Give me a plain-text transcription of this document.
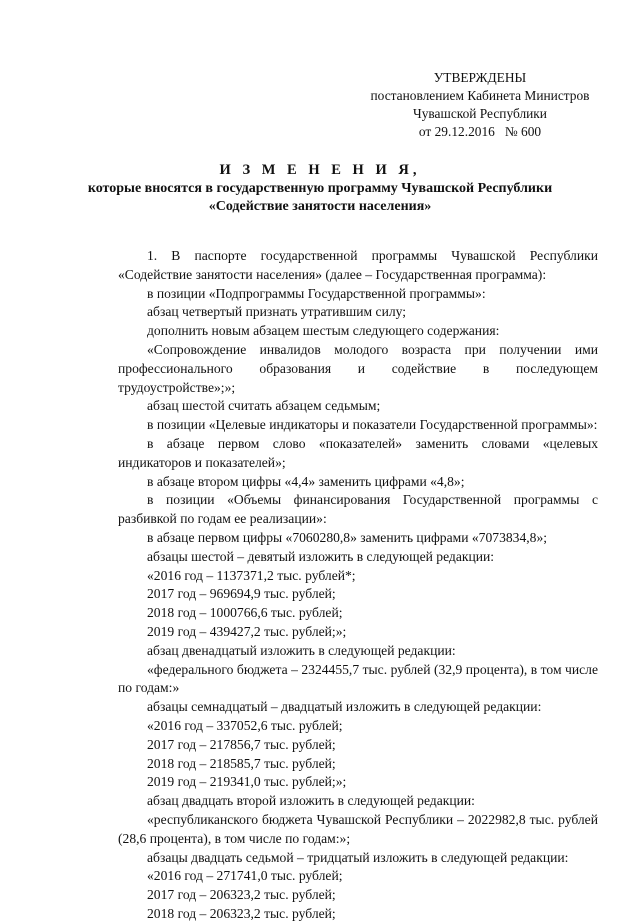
УТВЕРЖДЕНЫ
постановлением Кабинета Министров
Чувашской Республики
от 29.12.2016   № 600
И З М Е Н Е Н И Я,
которые вносятся в государственную программу Чувашской Республики
«Содействие занятости населения»

1. В паспорте государственной программы Чувашской Республики «Содействие занятости населения» (далее – Государственная программа):

в позиции «Подпрограммы Государственной программы»:

абзац четвертый признать утратившим силу;

дополнить новым абзацем шестым следующего содержания:

«Сопровождение инвалидов молодого возраста при получении ими профессионального образования и содействие в последующем трудоустройстве»;»;

абзац шестой считать абзацем седьмым;

в позиции «Целевые индикаторы и показатели Государственной программы»:

в абзаце первом слово «показателей» заменить словами «целевых индикаторов и показателей»;

в абзаце втором цифры «4,4» заменить цифрами «4,8»;

в позиции «Объемы финансирования Государственной программы с разбивкой по годам ее реализации»:

в абзаце первом цифры «7060280,8» заменить цифрами «7073834,8»;

абзацы шестой – девятый изложить в следующей редакции:

«2016 год – 1137371,2 тыс. рублей*;

2017 год – 969694,9 тыс. рублей;

2018 год – 1000766,6 тыс. рублей;

2019 год – 439427,2 тыс. рублей;»;

абзац двенадцатый изложить в следующей редакции:

«федерального бюджета – 2324455,7 тыс. рублей (32,9 процента), в том числе по годам:»

абзацы семнадцатый – двадцатый изложить в следующей редакции:

«2016 год – 337052,6 тыс. рублей;

2017 год – 217856,7 тыс. рублей;

2018 год – 218585,7 тыс. рублей;

2019 год – 219341,0 тыс. рублей;»;

абзац двадцать второй изложить в следующей редакции:

«республиканского бюджета Чувашской Республики – 2022982,8 тыс. рублей (28,6 процента), в том числе по годам:»;

абзацы двадцать седьмой – тридцатый изложить в следующей редакции:

«2016 год – 271741,0 тыс. рублей;

2017 год – 206323,2 тыс. рублей;

2018 год – 206323,2 тыс. рублей;
